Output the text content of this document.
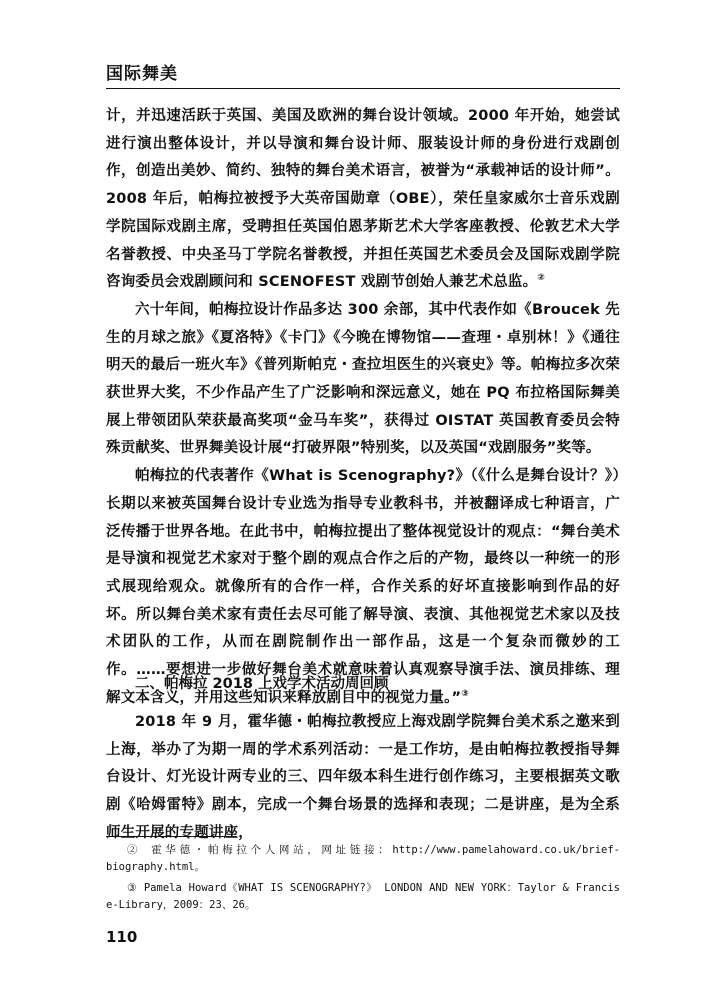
国际舞美

计，并迅速活跃于英国、美国及欧洲的舞台设计领域。2000 年开始，她尝试进行演出整体设计，并以导演和舞台设计师、服装设计师的身份进行戏剧创作，创造出美妙、简约、独特的舞台美术语言，被誉为“承载神话的设计师”。2008 年后，帕梅拉被授予大英帝国勋章（OBE），荣任皇家威尔士音乐戏剧学院国际戏剧主席，受聘担任英国伯恩茅斯艺术大学客座教授、伦敦艺术大学名誉教授、中央圣马丁学院名誉教授，并担任英国艺术委员会及国际戏剧学院咨询委员会戏剧顾问和 SCENOFEST 戏剧节创始人兼艺术总监。②

六十年间，帕梅拉设计作品多达 300 余部，其中代表作如《Broucek 先生的月球之旅》《夏洛特》《卡门》《今晚在博物馆——查理・卓别林！》《通往明天的最后一班火车》《普列斯帕克・查拉坦医生的兴衰史》等。帕梅拉多次荣获世界大奖，不少作品产生了广泛影响和深远意义，她在 PQ 布拉格国际舞美展上带领团队荣获最高奖项“金马车奖”，获得过 OISTAT 英国教育委员会特殊贡献奖、世界舞美设计展“打破界限”特别奖，以及英国“戏剧服务”奖等。

帕梅拉的代表著作《What is Scenography?》（《什么是舞台设计？》）长期以来被英国舞台设计专业选为指导专业教科书，并被翻译成七种语言，广泛传播于世界各地。在此书中，帕梅拉提出了整体视觉设计的观点：“舞台美术是导演和视觉艺术家对于整个剧的观点合作之后的产物，最终以一种统一的形式展现给观众。就像所有的合作一样，合作关系的好坏直接影响到作品的好坏。所以舞台美术家有责任去尽可能了解导演、表演、其他视觉艺术家以及技术团队的工作，从而在剧院制作出一部作品，这是一个复杂而微妙的工作。……要想进一步做好舞台美术就意味着认真观察导演手法、演员排练、理解文本含义，并用这些知识来释放剧目中的视觉力量。”③

二、帕梅拉 2018 上戏学术活动周回顾

2018 年 9 月，霍华德・帕梅拉教授应上海戏剧学院舞台美术系之邀来到上海，举办了为期一周的学术系列活动：一是工作坊，是由帕梅拉教授指导舞台设计、灯光设计两专业的三、四年级本科生进行创作练习，主要根据英文歌剧《哈姆雷特》剧本，完成一个舞台场景的选择和表现；二是讲座，是为全系师生开展的专题讲座，

② 霍华德・帕梅拉个人网站，网址链接：http://www.pamelahoward.co.uk/brief-biography.html。

③ Pamela Howard《WHAT IS SCENOGRAPHY?》 LONDON AND NEW YORK：Taylor & Francis e-Library，2009：23、26。

110
